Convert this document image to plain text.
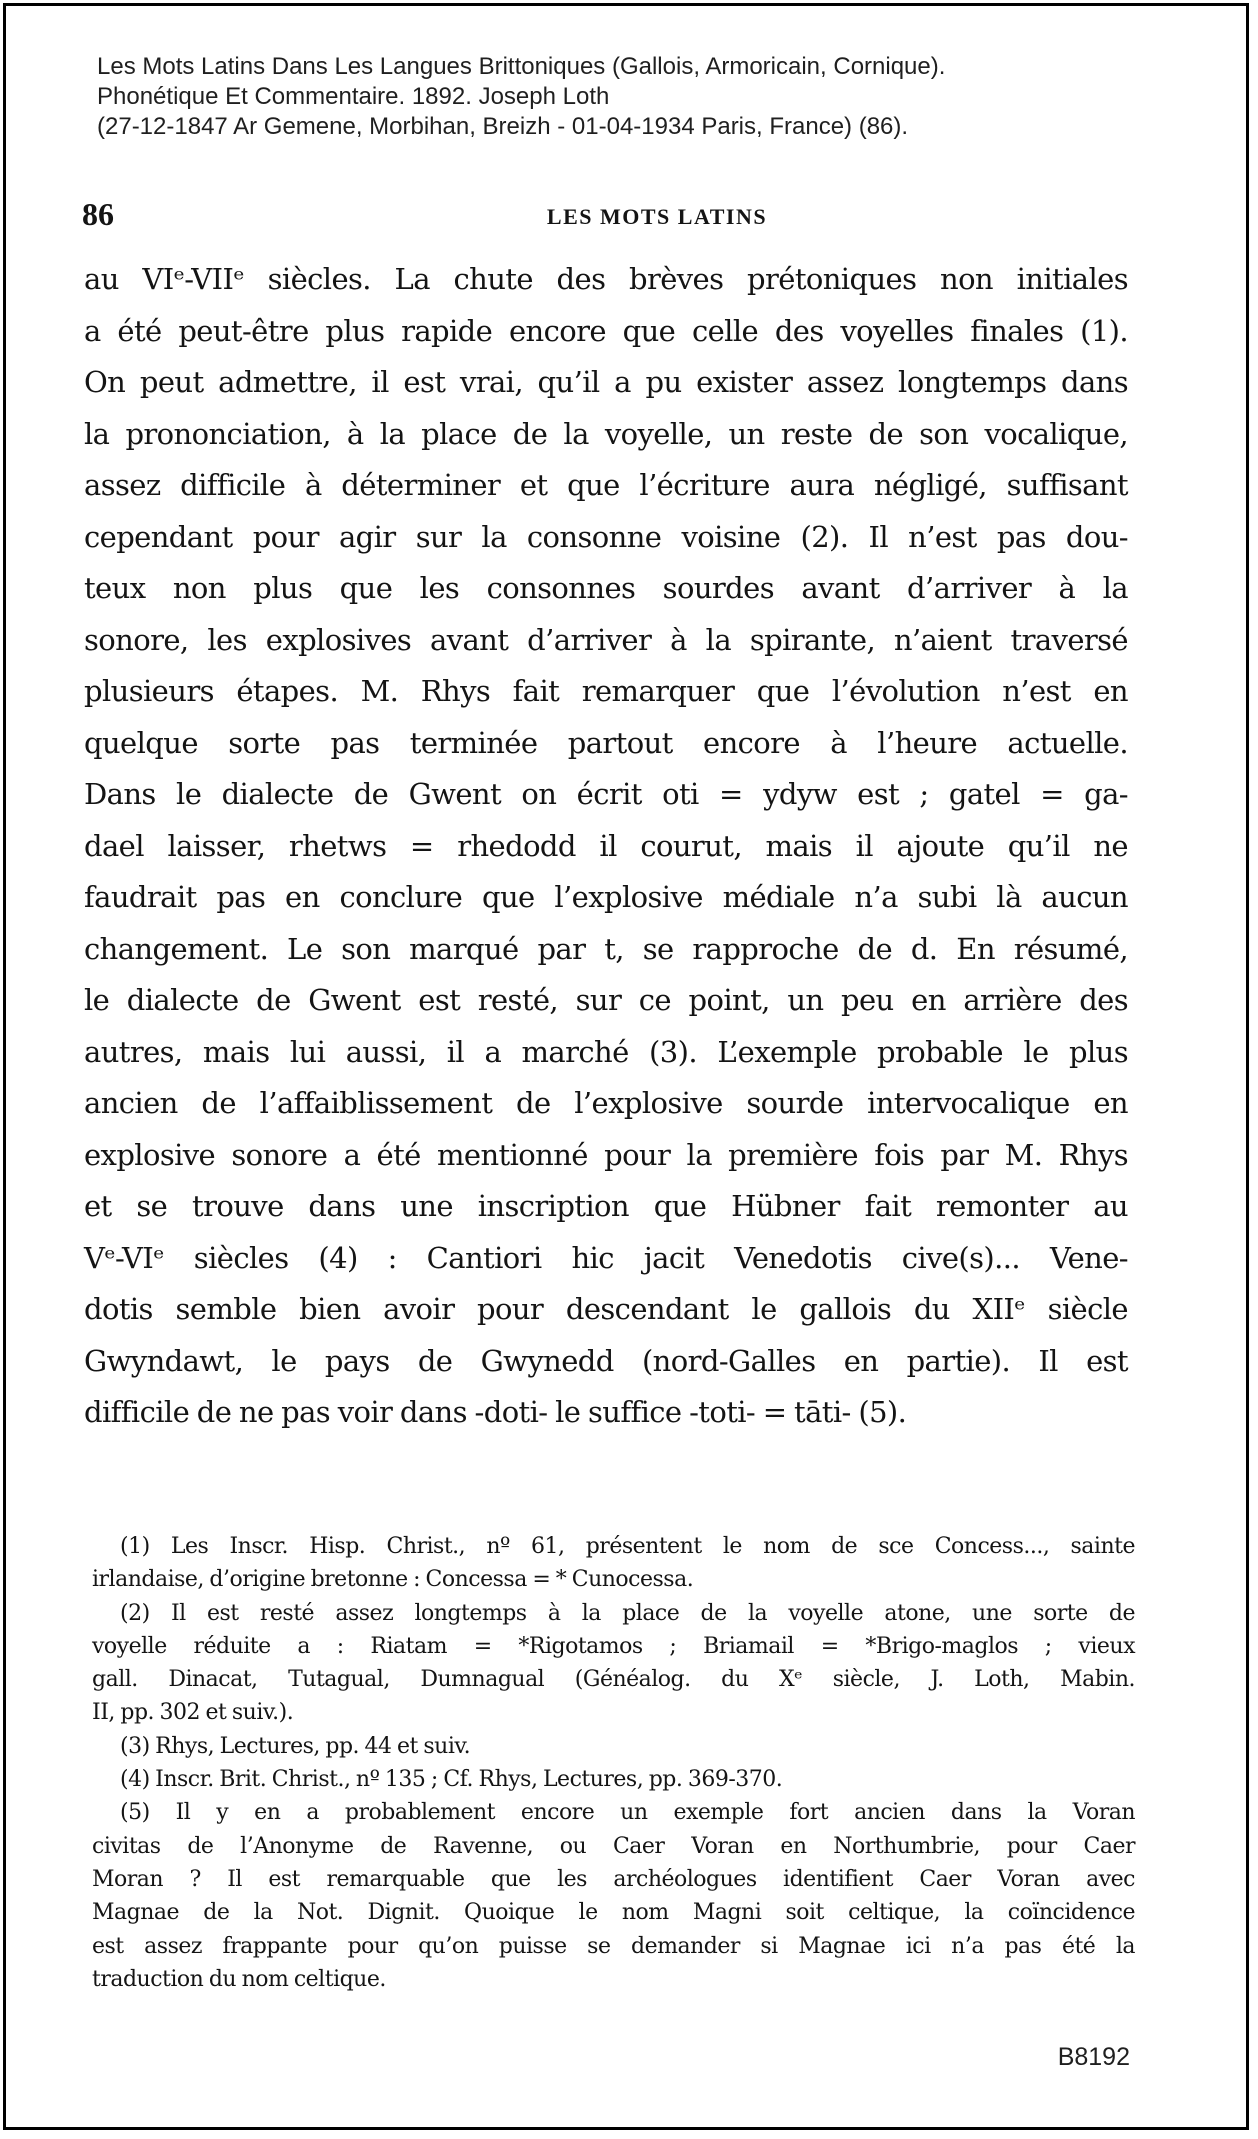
Les Mots Latins Dans Les Langues Brittoniques (Gallois, Armoricain, Cornique).
Phonétique Et Commentaire. 1892. Joseph Loth
(27-12-1847 Ar Gemene, Morbihan, Breizh - 01-04-1934 Paris, France) (86).
86	LES MOTS LATINS
au VIᵉ-VIIᵉ siècles. La chute des brèves prétoniques non initiales
a été peut-être plus rapide encore que celle des voyelles finales (1).
On peut admettre, il est vrai, qu’il a pu exister assez longtemps dans
la prononciation, à la place de la voyelle, un reste de son vocalique,
assez difficile à déterminer et que l’écriture aura négligé, suffisant
cependant pour agir sur la consonne voisine (2). Il n’est pas dou-
teux non plus que les consonnes sourdes avant d’arriver à la
sonore, les explosives avant d’arriver à la spirante, n’aient traversé
plusieurs étapes. M. Rhys fait remarquer que l’évolution n’est en
quelque sorte pas terminée partout encore à l’heure actuelle.
Dans le dialecte de Gwent on écrit oti = ydyw est ; gatel = ga-
dael laisser, rhetws = rhedodd il courut, mais il ajoute qu’il ne
faudrait pas en conclure que l’explosive médiale n’a subi là aucun
changement. Le son marqué par t, se rapproche de d. En résumé,
le dialecte de Gwent est resté, sur ce point, un peu en arrière des
autres, mais lui aussi, il a marché (3). L’exemple probable le plus
ancien de l’affaiblissement de l’explosive sourde intervocalique en
explosive sonore a été mentionné pour la première fois par M. Rhys
et se trouve dans une inscription que Hübner fait remonter au
Vᵉ-VIᵉ siècles (4) : Cantiori hic jacit Venedotis cive(s)... Vene-
dotis semble bien avoir pour descendant le gallois du XIIᵉ siècle
Gwyndawt, le pays de Gwynedd (nord-Galles en partie). Il est
difficile de ne pas voir dans -doti- le suffice -toti- = tāti- (5).
(1) Les Inscr. Hisp. Christ., nº 61, présentent le nom de sce Concess..., sainte
irlandaise, d’origine bretonne : Concessa = * Cunocessa.
(2) Il est resté assez longtemps à la place de la voyelle atone, une sorte de
voyelle réduite a : Riatam = *Rigotamos ; Briamail = *Brigo-maglos ; vieux
gall. Dinacat, Tutagual, Dumnagual (Généalog. du Xᵉ siècle, J. Loth, Mabin.
II, pp. 302 et suiv.).
(3) Rhys, Lectures, pp. 44 et suiv.
(4) Inscr. Brit. Christ., nº 135 ; Cf. Rhys, Lectures, pp. 369-370.
(5) Il y en a probablement encore un exemple fort ancien dans la Voran
civitas de l’Anonyme de Ravenne, ou Caer Voran en Northumbrie, pour Caer
Moran ? Il est remarquable que les archéologues identifient Caer Voran avec
Magnae de la Not. Dignit. Quoique le nom Magni soit celtique, la coïncidence
est assez frappante pour qu’on puisse se demander si Magnae ici n’a pas été la
traduction du nom celtique.
B8192
